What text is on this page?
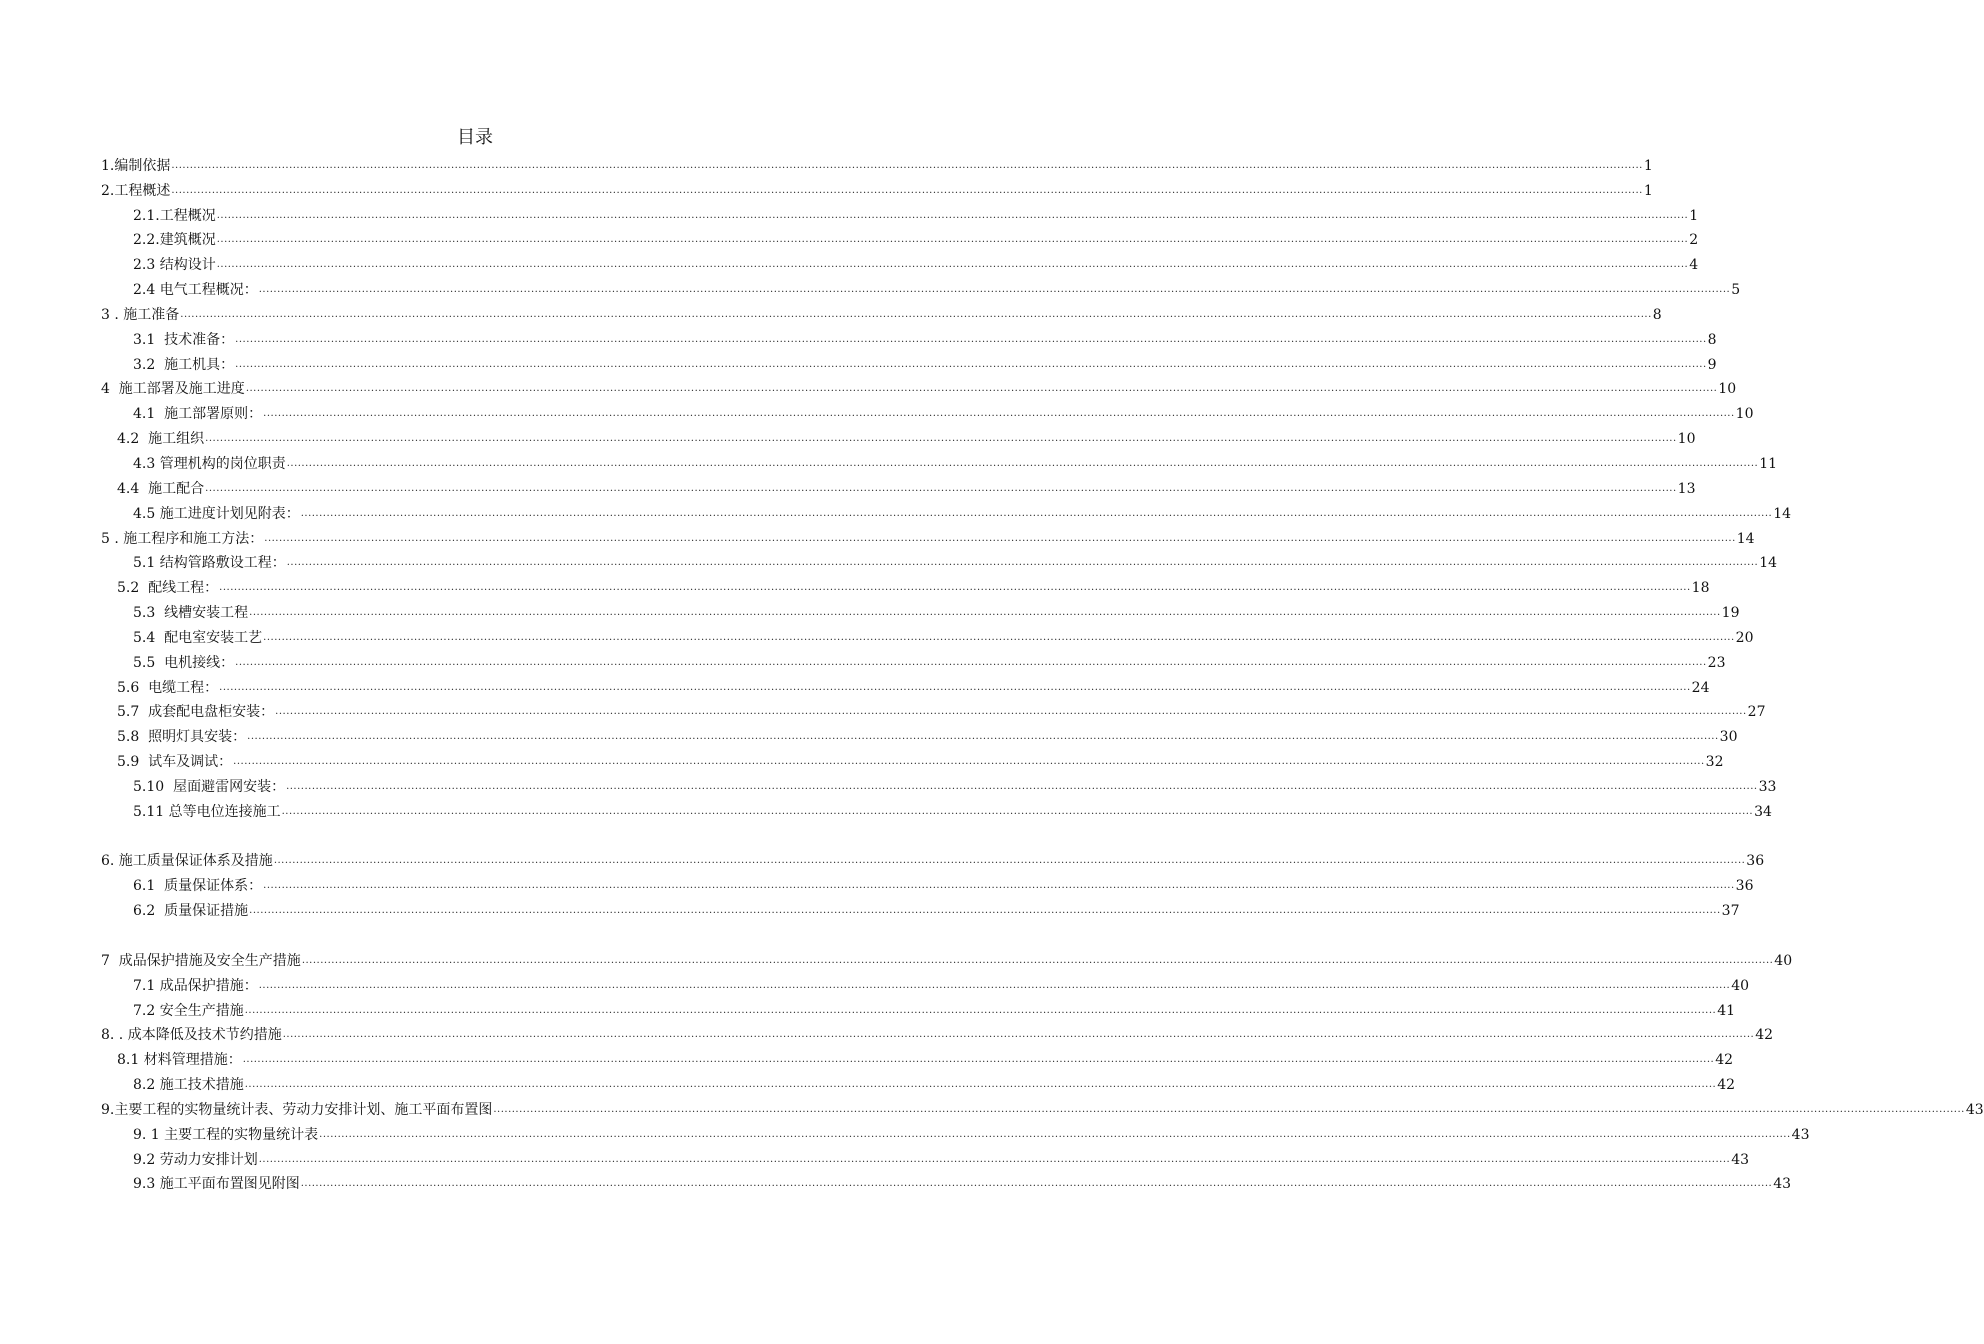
目录
1.编制依据 ................................................................................................................................................................................................................................................................................................................................................................................................................ 1
2.工程概述 ................................................................................................................................................................................................................................................................................................................................................................................................................ 1
2.1.工程概况 ................................................................................................................................................................................................................................................................................................................................................................................................................ 1
2.2.建筑概况 ................................................................................................................................................................................................................................................................................................................................................................................................................ 2
2.3 结构设计 ................................................................................................................................................................................................................................................................................................................................................................................................................ 4
2.4 电气工程概况： ................................................................................................................................................................................................................................................................................................................................................................................................................ 5
3 . 施工准备 ................................................................................................................................................................................................................................................................................................................................................................................................................ 8
3.1  技术准备： ................................................................................................................................................................................................................................................................................................................................................................................................................ 8
3.2  施工机具： ................................................................................................................................................................................................................................................................................................................................................................................................................ 9
4  施工部署及施工进度 ................................................................................................................................................................................................................................................................................................................................................................................................................ 10
4.1  施工部署原则： ................................................................................................................................................................................................................................................................................................................................................................................................................ 10
4.2  施工组织 ................................................................................................................................................................................................................................................................................................................................................................................................................ 10
4.3 管理机构的岗位职责 ................................................................................................................................................................................................................................................................................................................................................................................................................ 11
4.4  施工配合 ................................................................................................................................................................................................................................................................................................................................................................................................................ 13
4.5 施工进度计划见附表： ................................................................................................................................................................................................................................................................................................................................................................................................................ 14
5 . 施工程序和施工方法： ................................................................................................................................................................................................................................................................................................................................................................................................................ 14
5.1 结构管路敷设工程： ................................................................................................................................................................................................................................................................................................................................................................................................................ 14
5.2  配线工程： ................................................................................................................................................................................................................................................................................................................................................................................................................ 18
5.3  线槽安装工程 ................................................................................................................................................................................................................................................................................................................................................................................................................ 19
5.4  配电室安装工艺 ................................................................................................................................................................................................................................................................................................................................................................................................................ 20
5.5  电机接线： ................................................................................................................................................................................................................................................................................................................................................................................................................ 23
5.6  电缆工程： ................................................................................................................................................................................................................................................................................................................................................................................................................ 24
5.7  成套配电盘柜安装： ................................................................................................................................................................................................................................................................................................................................................................................................................ 27
5.8  照明灯具安装： ................................................................................................................................................................................................................................................................................................................................................................................................................ 30
5.9  试车及调试： ................................................................................................................................................................................................................................................................................................................................................................................................................ 32
5.10  屋面避雷网安装： ................................................................................................................................................................................................................................................................................................................................................................................................................ 33
5.11 总等电位连接施工 ................................................................................................................................................................................................................................................................................................................................................................................................................ 34
6. 施工质量保证体系及措施 ................................................................................................................................................................................................................................................................................................................................................................................................................ 36
6.1  质量保证体系： ................................................................................................................................................................................................................................................................................................................................................................................................................ 36
6.2  质量保证措施 ................................................................................................................................................................................................................................................................................................................................................................................................................ 37
7  成品保护措施及安全生产措施 ................................................................................................................................................................................................................................................................................................................................................................................................................ 40
7.1 成品保护措施： ................................................................................................................................................................................................................................................................................................................................................................................................................ 40
7.2 安全生产措施 ................................................................................................................................................................................................................................................................................................................................................................................................................ 41
8. . 成本降低及技术节约措施 ................................................................................................................................................................................................................................................................................................................................................................................................................ 42
8.1 材料管理措施： ................................................................................................................................................................................................................................................................................................................................................................................................................ 42
8.2 施工技术措施 ................................................................................................................................................................................................................................................................................................................................................................................................................ 42
9.主要工程的实物量统计表、劳动力安排计划、施工平面布置图 ................................................................................................................................................................................................................................................................................................................................................................................................................ 43
9. 1 主要工程的实物量统计表 ................................................................................................................................................................................................................................................................................................................................................................................................................ 43
9.2 劳动力安排计划 ................................................................................................................................................................................................................................................................................................................................................................................................................ 43
9.3 施工平面布置图见附图 ................................................................................................................................................................................................................................................................................................................................................................................................................ 43
